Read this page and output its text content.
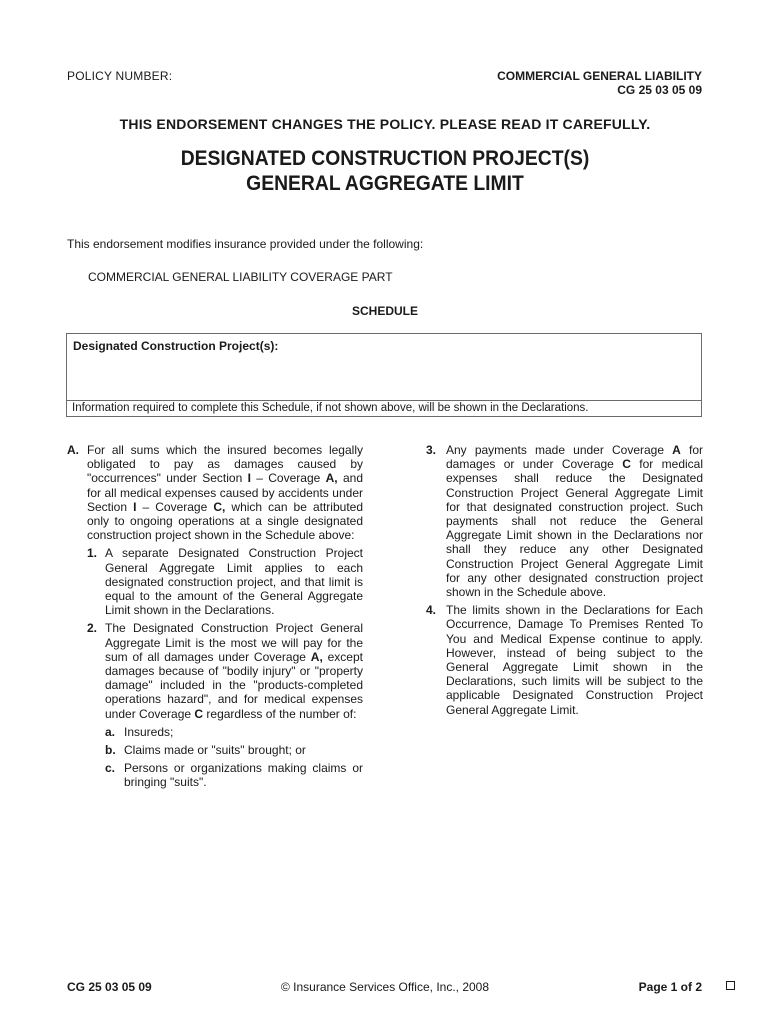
POLICY NUMBER:	COMMERCIAL GENERAL LIABILITY
CG 25 03 05 09
THIS ENDORSEMENT CHANGES THE POLICY. PLEASE READ IT CAREFULLY.
DESIGNATED CONSTRUCTION PROJECT(S)
GENERAL AGGREGATE LIMIT
This endorsement modifies insurance provided under the following:
COMMERCIAL GENERAL LIABILITY COVERAGE PART
SCHEDULE
Designated Construction Project(s):
Information required to complete this Schedule, if not shown above, will be shown in the Declarations.
A. For all sums which the insured becomes legally obligated to pay as damages caused by "occurrences" under Section I – Coverage A, and for all medical expenses caused by accidents under Section I – Coverage C, which can be attributed only to ongoing operations at a single designated construction project shown in the Schedule above:
1. A separate Designated Construction Project General Aggregate Limit applies to each designated construction project, and that limit is equal to the amount of the General Aggregate Limit shown in the Declarations.
2. The Designated Construction Project General Aggregate Limit is the most we will pay for the sum of all damages under Coverage A, except damages because of "bodily injury" or "property damage" included in the "products-completed operations hazard", and for medical expenses under Coverage C regardless of the number of:
a. Insureds;
b. Claims made or "suits" brought; or
c. Persons or organizations making claims or bringing "suits".
3. Any payments made under Coverage A for damages or under Coverage C for medical expenses shall reduce the Designated Construction Project General Aggregate Limit for that designated construction project. Such payments shall not reduce the General Aggregate Limit shown in the Declarations nor shall they reduce any other Designated Construction Project General Aggregate Limit for any other designated construction project shown in the Schedule above.
4. The limits shown in the Declarations for Each Occurrence, Damage To Premises Rented To You and Medical Expense continue to apply. However, instead of being subject to the General Aggregate Limit shown in the Declarations, such limits will be subject to the applicable Designated Construction Project General Aggregate Limit.
CG 25 03 05 09	© Insurance Services Office, Inc., 2008	Page 1 of 2
